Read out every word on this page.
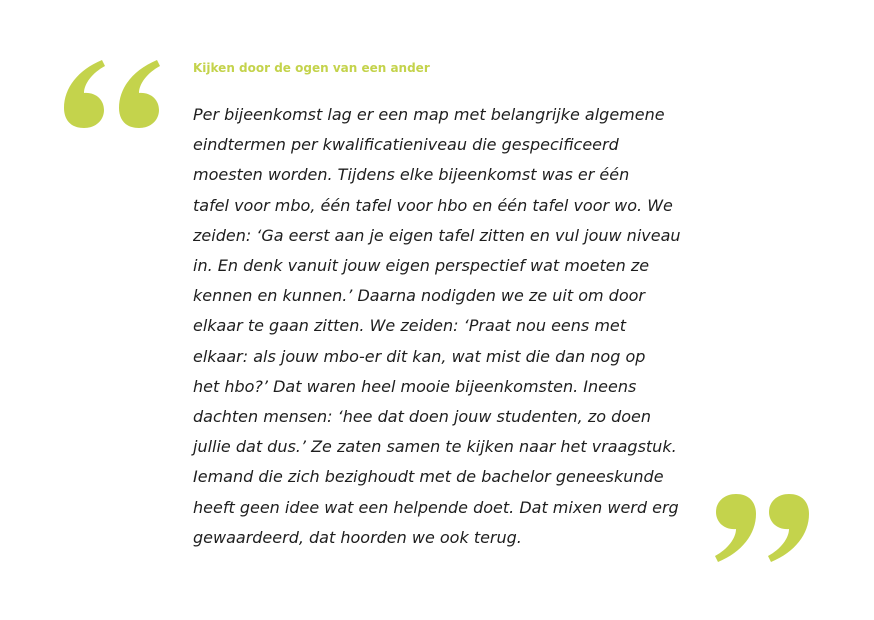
Kijken door de ogen van een ander

Per bijeenkomst lag er een map met belangrijke algemene
eindtermen per kwalificatieniveau die gespecificeerd
moesten worden. Tijdens elke bijeenkomst was er één
tafel voor mbo, één tafel voor hbo en één tafel voor wo. We
zeiden: ‘Ga eerst aan je eigen tafel zitten en vul jouw niveau
in. En denk vanuit jouw eigen perspectief wat moeten ze
kennen en kunnen.’ Daarna nodigden we ze uit om door
elkaar te gaan zitten. We zeiden: ‘Praat nou eens met
elkaar: als jouw mbo-er dit kan, wat mist die dan nog op
het hbo?’ Dat waren heel mooie bijeenkomsten. Ineens
dachten mensen: ‘hee dat doen jouw studenten, zo doen
jullie dat dus.’ Ze zaten samen te kijken naar het vraagstuk.
Iemand die zich bezighoudt met de bachelor geneeskunde
heeft geen idee wat een helpende doet. Dat mixen werd erg
gewaardeerd, dat hoorden we ook terug.
